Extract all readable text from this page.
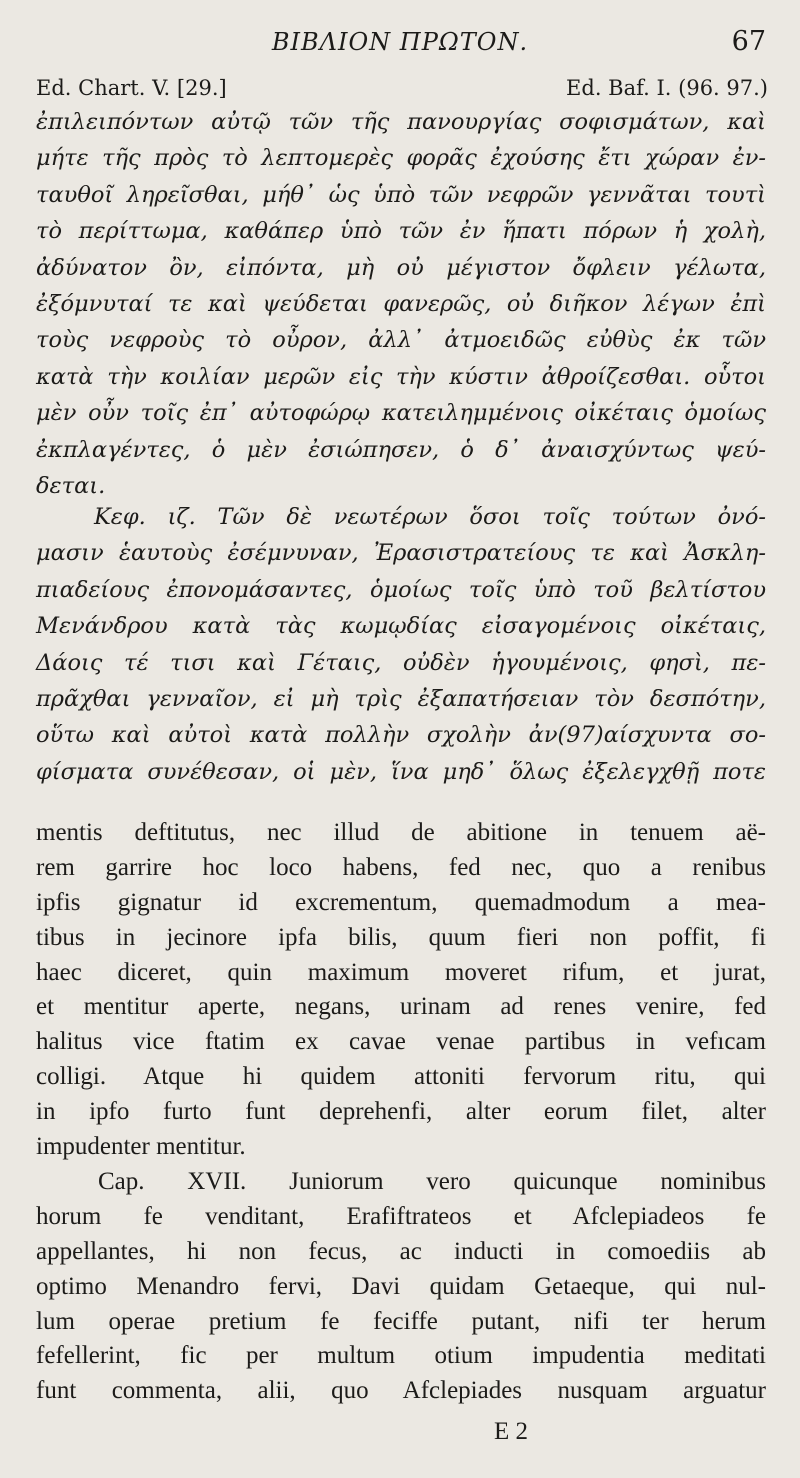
ΒΙΒΛΙΟΝ ΠΡΩΤΟΝ.	67
Ed. Chart. V. [29.]	Ed. Baf. I. (96. 97.)
ἐπιλειπόντων αὐτῷ τῶν τῆς πανουργίας σοφισμάτων, καὶ
μήτε τῆς πρὸς τὸ λεπτομερὲς φορᾶς ἐχούσης ἔτι χώραν ἐν-
ταυθοῖ ληρεῖσθαι, μήθ᾽ ὡς ὑπὸ τῶν νεφρῶν γεννᾶται τουτὶ
τὸ περίττωμα, καθάπερ ὑπὸ τῶν ἐν ἥπατι πόρων ἡ χολὴ,
ἀδύνατον ὂν, εἰπόντα, μὴ οὐ μέγιστον ὄφλειν γέλωτα,
ἐξόμνυταί τε καὶ ψεύδεται φανερῶς, οὐ διῆκον λέγων ἐπὶ
τοὺς νεφροὺς τὸ οὖρον, ἀλλ᾽ ἀτμοειδῶς εὐθὺς ἐκ τῶν
κατὰ τὴν κοιλίαν μερῶν εἰς τὴν κύστιν ἀθροίζεσθαι. οὗτοι
μὲν οὖν τοῖς ἐπ᾽ αὐτοφώρῳ κατειλημμένοις οἰκέταις ὁμοίως
ἐκπλαγέντες, ὁ μὲν ἐσιώπησεν, ὁ δ᾽ ἀναισχύντως ψεύ-
δεται.
Κεφ. ιζ. Τῶν δὲ νεωτέρων ὅσοι τοῖς τούτων ὀνό-
μασιν ἑαυτοὺς ἐσέμνυναν, Ἐρασιστρατείους τε καὶ Ἀσκλη-
πιαδείους ἐπονομάσαντες, ὁμοίως τοῖς ὑπὸ τοῦ βελτίστου
Μενάνδρου κατὰ τὰς κωμῳδίας εἰσαγομένοις οἰκέταις,
Δάοις τέ τισι καὶ Γέταις, οὐδὲν ἡγουμένοις, φησὶ, πε-
πρᾶχθαι γενναῖον, εἰ μὴ τρὶς ἐξαπατήσειαν τὸν δεσπότην,
οὕτω καὶ αὐτοὶ κατὰ πολλὴν σχολὴν ἀν(97)αίσχυντα σο-
φίσματα συνέθεσαν, οἱ μὲν, ἵνα μηδ᾽ ὅλως ἐξελεγχθῇ ποτε
mentis deftitutus, nec illud de abitione in tenuem aë-
rem garrire hoc loco habens, fed nec, quo a renibus
ipfis gignatur id excrementum, quemadmodum a mea-
tibus in jecinore ipfa bilis, quum fieri non poffit, fi
haec diceret, quin maximum moveret rifum, et jurat,
et mentitur aperte, negans, urinam ad renes venire, fed
halitus vice ftatim ex cavae venae partibus in vefıcam
colligi. Atque hi quidem attoniti fervorum ritu, qui
in ipfo furto funt deprehenfi, alter eorum filet, alter
impudenter mentitur.
Cap. XVII. Juniorum vero quicunque nominibus
horum fe venditant, Erafiftrateos et Afclepiadeos fe
appellantes, hi non fecus, ac inducti in comoediis ab
optimo Menandro fervi, Davi quidam Getaeque, qui nul-
lum operae pretium fe feciffe putant, nifi ter herum
fefellerint, fic per multum otium impudentia meditati
funt commenta, alii, quo Afclepiades nusquam arguatur
E 2
